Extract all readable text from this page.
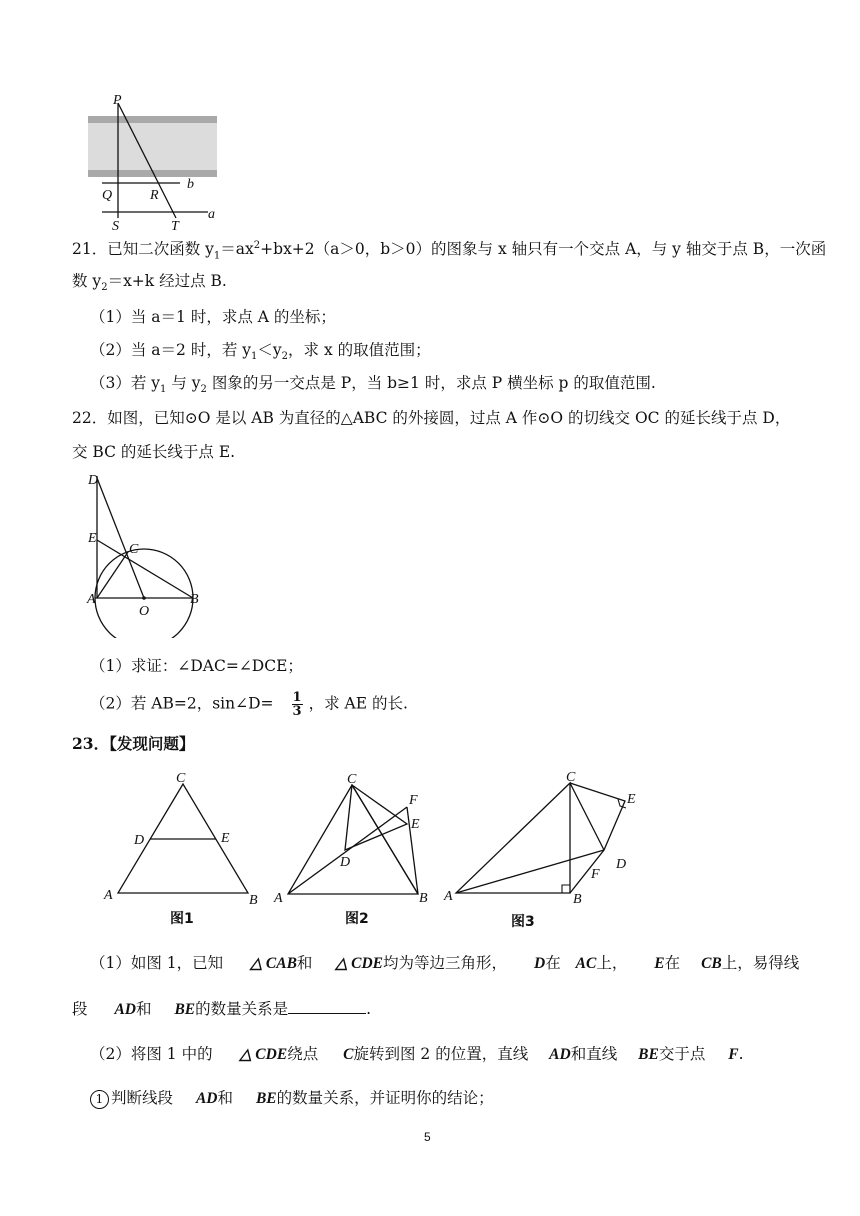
P
Q	R
b
S	T
a
21．已知二次函数 $y_1=ax^2+bx+2(a>0$，b＞0）的图象与 x 轴只有一个交点 A，与 y 轴交于点 B，一次函
数 $y_2=x+k$ 经过点 B.
（1）当 a＝1 时，求点 A 的坐标；
（2）当 a＝2 时，若 $y_1<y_2$，求 x 的取值范围；
（3）若 $y_1$ 与 $y_2$ 图象的另一交点是 P，当 b≥1 时，求点 P 横坐标 p 的取值范围.
22．如图，已知⊙O 是以 AB 为直径的△ABC 的外接圆，过点 A 作⊙O 的切线交 OC 的延长线于点 D，
交 BC 的延长线于点 E.
D
E
C
A
O
B
（1）求证：∠DAC=∠DCE；
（2）若 AB=2，sin∠D= $\frac{1}{3}$ ，求 AE 的长.
23．【发现问题】
C
D	E
A	B
图1
C
F
E
D
A	B
图2
C
E
D
F
A	B
图3
（1）如图 1，已知 △ CAB和 △ CDE均为等边三角形， D在 AC上， E在 CB上，易得线
段 AD和 BE的数量关系是	.
（2）将图 1 中的 △ CDE绕点 C旋转到图 2 的位置，直线 AD和直线 BE交于点 F.
1 判断线段 AD和 BE的数量关系，并证明你的结论；
5
